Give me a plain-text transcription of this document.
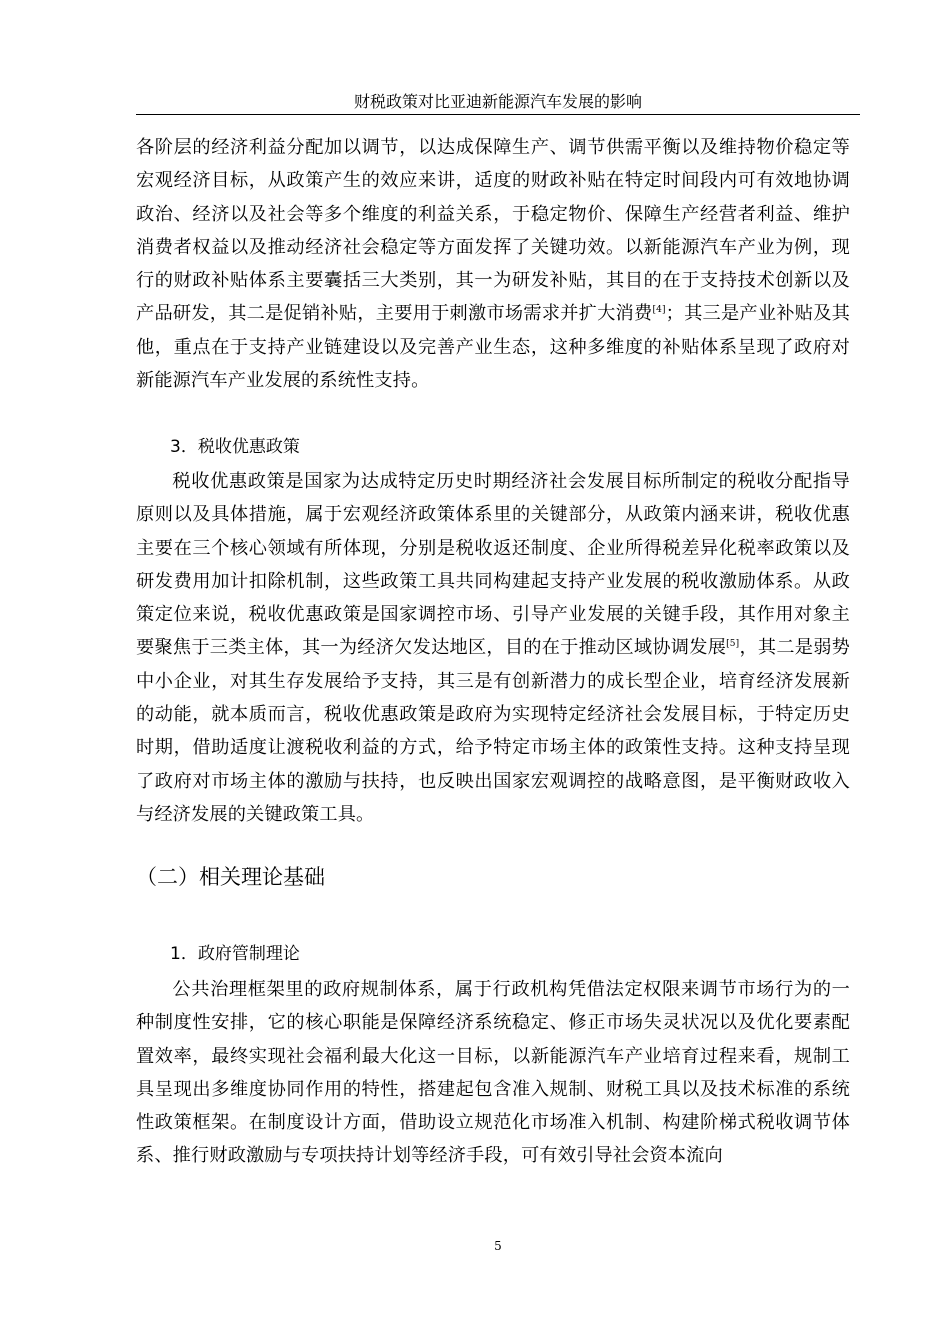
财税政策对比亚迪新能源汽车发展的影响

各阶层的经济利益分配加以调节，以达成保障生产、调节供需平衡以及维持物价稳定等宏观经济目标，从政策产生的效应来讲，适度的财政补贴在特定时间段内可有效地协调政治、经济以及社会等多个维度的利益关系，于稳定物价、保障生产经营者利益、维护消费者权益以及推动经济社会稳定等方面发挥了关键功效。以新能源汽车产业为例，现行的财政补贴体系主要囊括三大类别，其一为研发补贴，其目的在于支持技术创新以及产品研发，其二是促销补贴，主要用于刺激市场需求并扩大消费[4]；其三是产业补贴及其他，重点在于支持产业链建设以及完善产业生态，这种多维度的补贴体系呈现了政府对新能源汽车产业发展的系统性支持。

3．税收优惠政策

税收优惠政策是国家为达成特定历史时期经济社会发展目标所制定的税收分配指导原则以及具体措施，属于宏观经济政策体系里的关键部分，从政策内涵来讲，税收优惠主要在三个核心领域有所体现，分别是税收返还制度、企业所得税差异化税率政策以及研发费用加计扣除机制，这些政策工具共同构建起支持产业发展的税收激励体系。从政策定位来说，税收优惠政策是国家调控市场、引导产业发展的关键手段，其作用对象主要聚焦于三类主体，其一为经济欠发达地区，目的在于推动区域协调发展[5]，其二是弱势中小企业，对其生存发展给予支持，其三是有创新潜力的成长型企业，培育经济发展新的动能，就本质而言，税收优惠政策是政府为实现特定经济社会发展目标，于特定历史时期，借助适度让渡税收利益的方式，给予特定市场主体的政策性支持。这种支持呈现了政府对市场主体的激励与扶持，也反映出国家宏观调控的战略意图，是平衡财政收入与经济发展的关键政策工具。

（二）相关理论基础
1．政府管制理论

公共治理框架里的政府规制体系，属于行政机构凭借法定权限来调节市场行为的一种制度性安排，它的核心职能是保障经济系统稳定、修正市场失灵状况以及优化要素配置效率，最终实现社会福利最大化这一目标，以新能源汽车产业培育过程来看，规制工具呈现出多维度协同作用的特性，搭建起包含准入规制、财税工具以及技术标准的系统性政策框架。在制度设计方面，借助设立规范化市场准入机制、构建阶梯式税收调节体系、推行财政激励与专项扶持计划等经济手段，可有效引导社会资本流向

5
